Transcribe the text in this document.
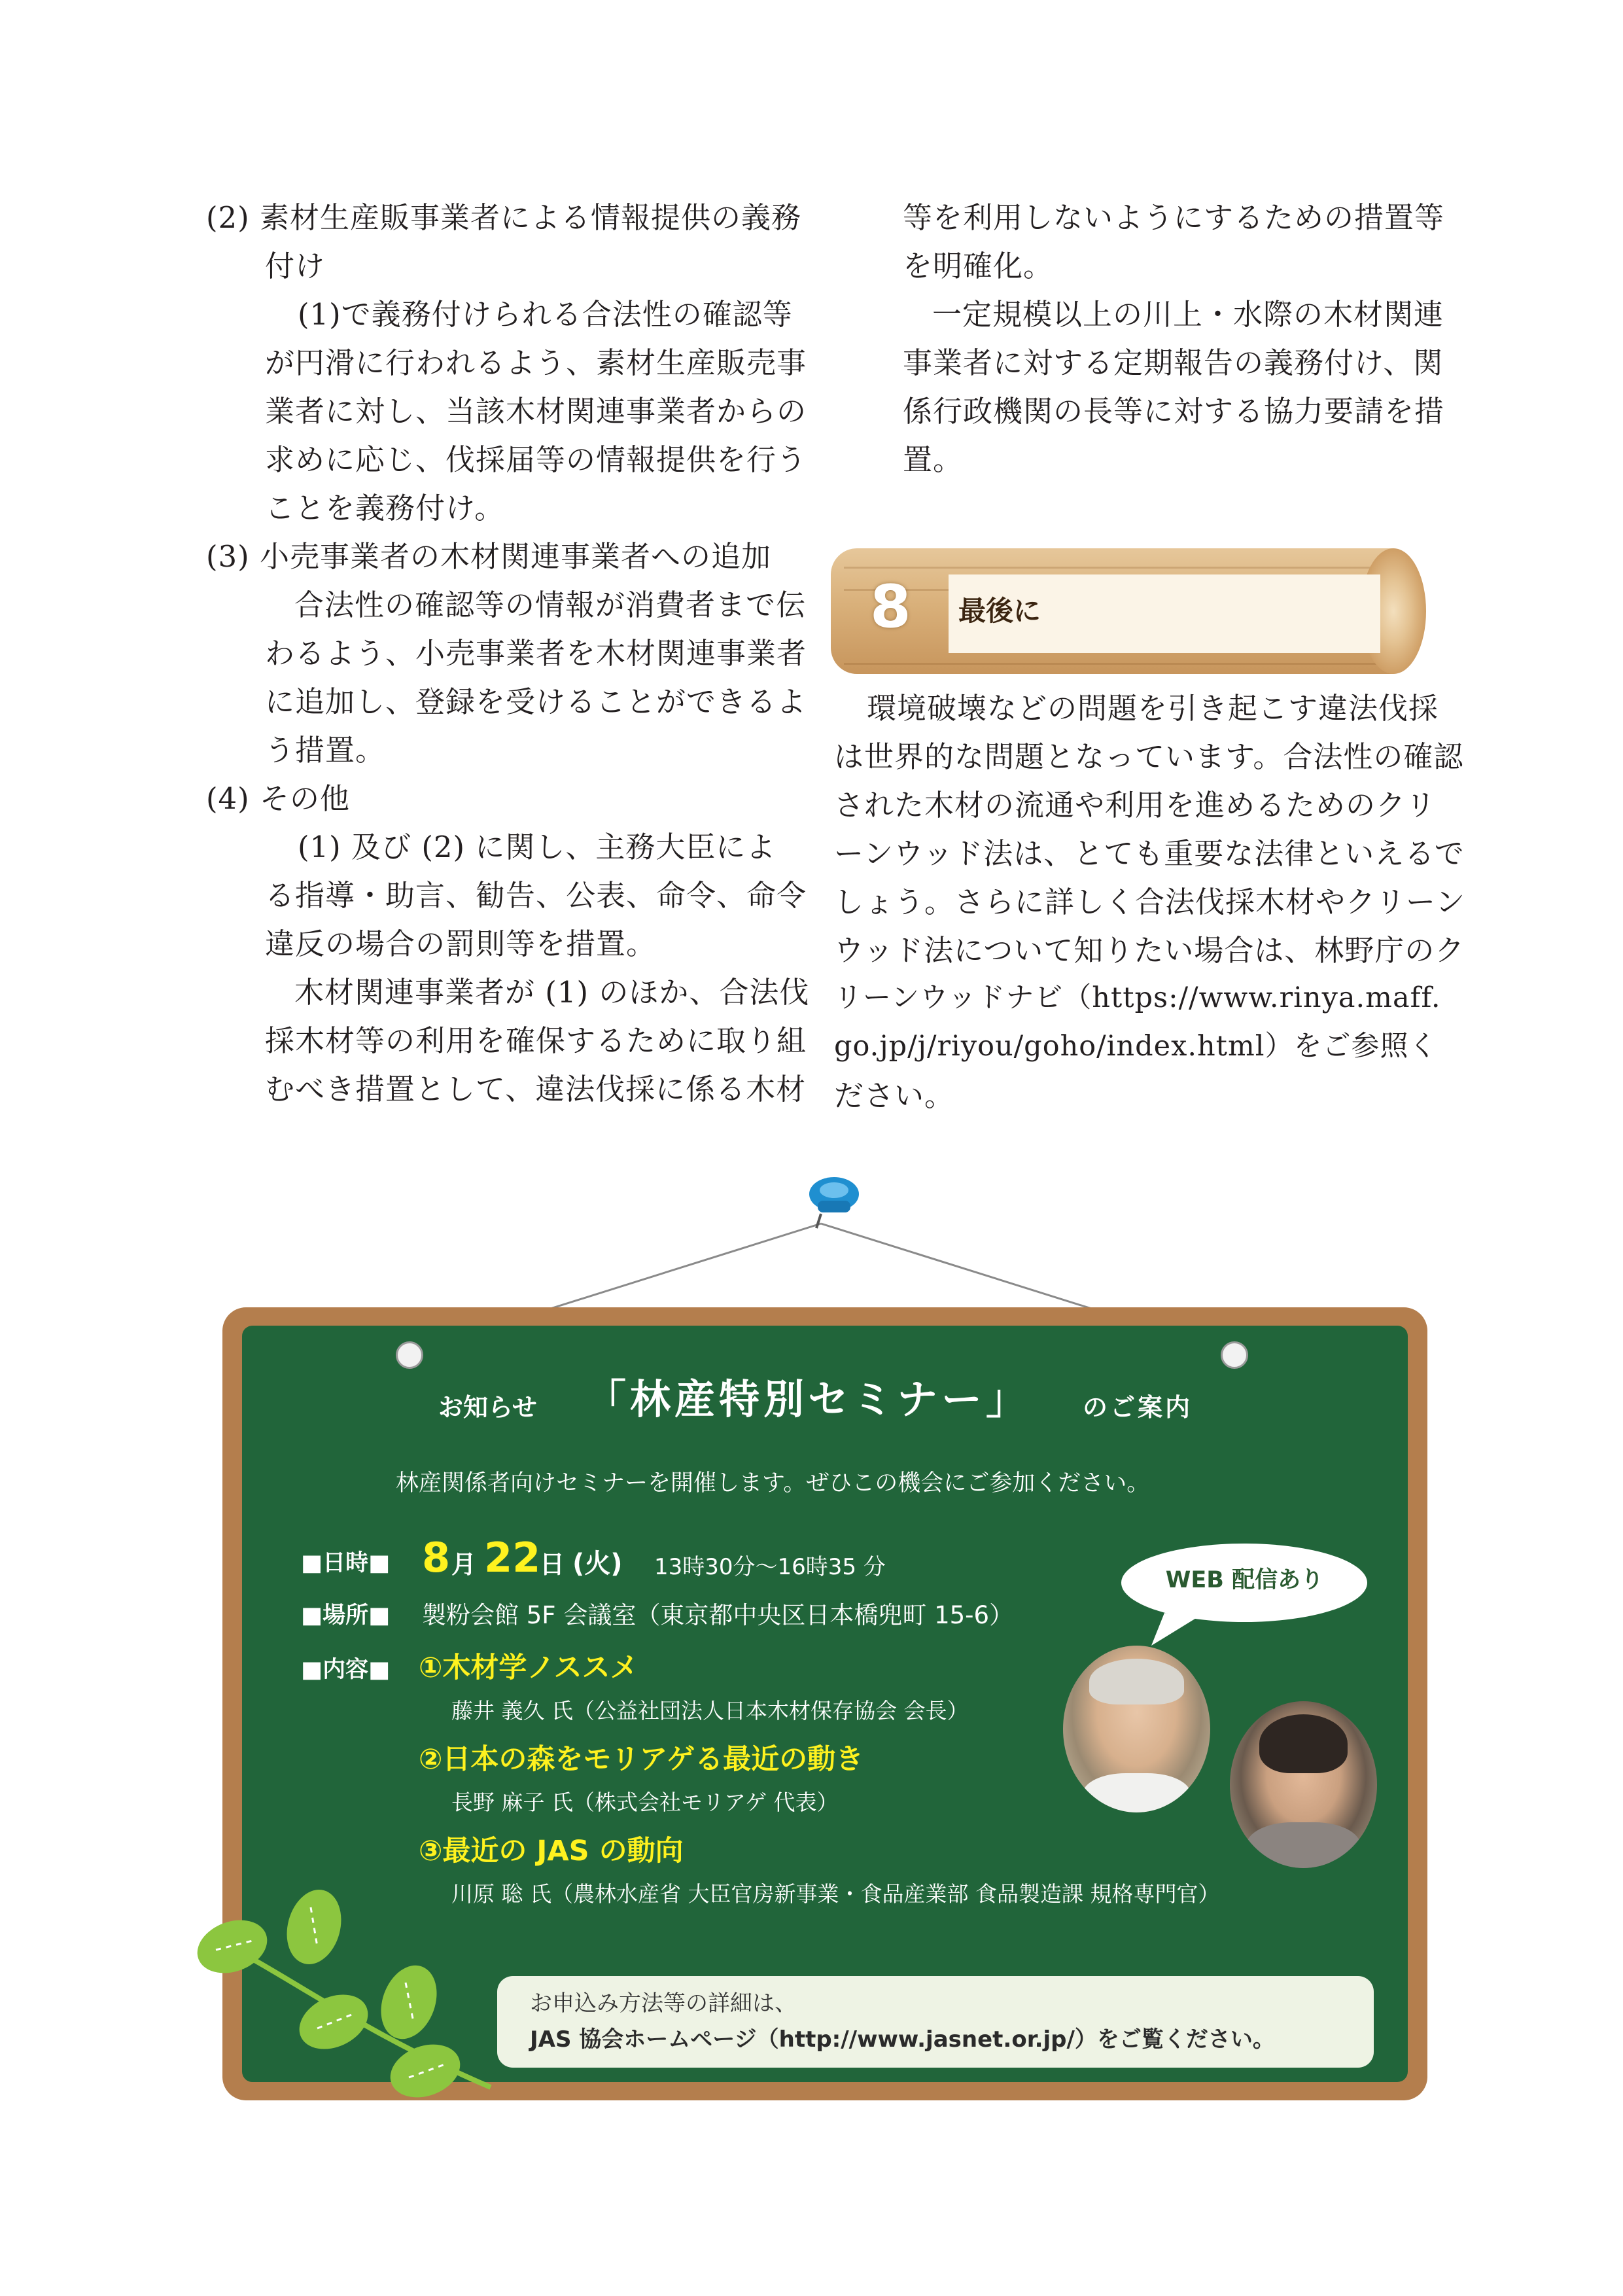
(2) 素材生産販事業者による情報提供の義務
付け
(1)で義務付けられる合法性の確認等
が円滑に行われるよう、素材生産販売事
業者に対し、当該木材関連事業者からの
求めに応じ、伐採届等の情報提供を行う
ことを義務付け。
(3) 小売事業者の木材関連事業者への追加
合法性の確認等の情報が消費者まで伝
わるよう、小売事業者を木材関連事業者
に追加し、登録を受けることができるよ
う措置。
(4) その他
(1) 及び (2) に関し、主務大臣によ
る指導・助言、勧告、公表、命令、命令
違反の場合の罰則等を措置。
木材関連事業者が (1) のほか、合法伐
採木材等の利用を確保するために取り組
むべき措置として、違法伐採に係る木材
等を利用しないようにするための措置等
を明確化。
一定規模以上の川上・水際の木材関連
事業者に対する定期報告の義務付け、関
係行政機関の長等に対する協力要請を措
置。
8 最後に
環境破壊などの問題を引き起こす違法伐採
は世界的な問題となっています。合法性の確認
された木材の流通や利用を進めるためのクリ
ーンウッド法は、とても重要な法律といえるで
しょう。さらに詳しく合法伐採木材やクリーン
ウッド法について知りたい場合は、林野庁のク
リーンウッドナビ（https://www.rinya.maff.
go.jp/j/riyou/goho/index.html）をご参照く
ださい。
お知らせ 「林産特別セミナー」 のご案内
林産関係者向けセミナーを開催します。ぜひこの機会にご参加ください。
■日時■ 8 月 22
日 (火) 13時30分～16時35 分	WEB 配信あり
■場所■ 製粉会館 5F 会議室（東京都中央区日本橋兜町 15-6）
■内容■ ①木材学ノススメ
藤井 義久 氏（公益社団法人日本木材保存協会 会長）
②日本の森をモリアゲる最近の動き
長野 麻子 氏（株式会社モリアゲ 代表）
③最近の JAS の動向
川原 聡 氏（農林水産省 大臣官房新事業・食品産業部 食品製造課 規格専門官）
お申込み方法等の詳細は、
JAS 協会ホームページ（http://www.jasnet.or.jp/）をご覧ください。
